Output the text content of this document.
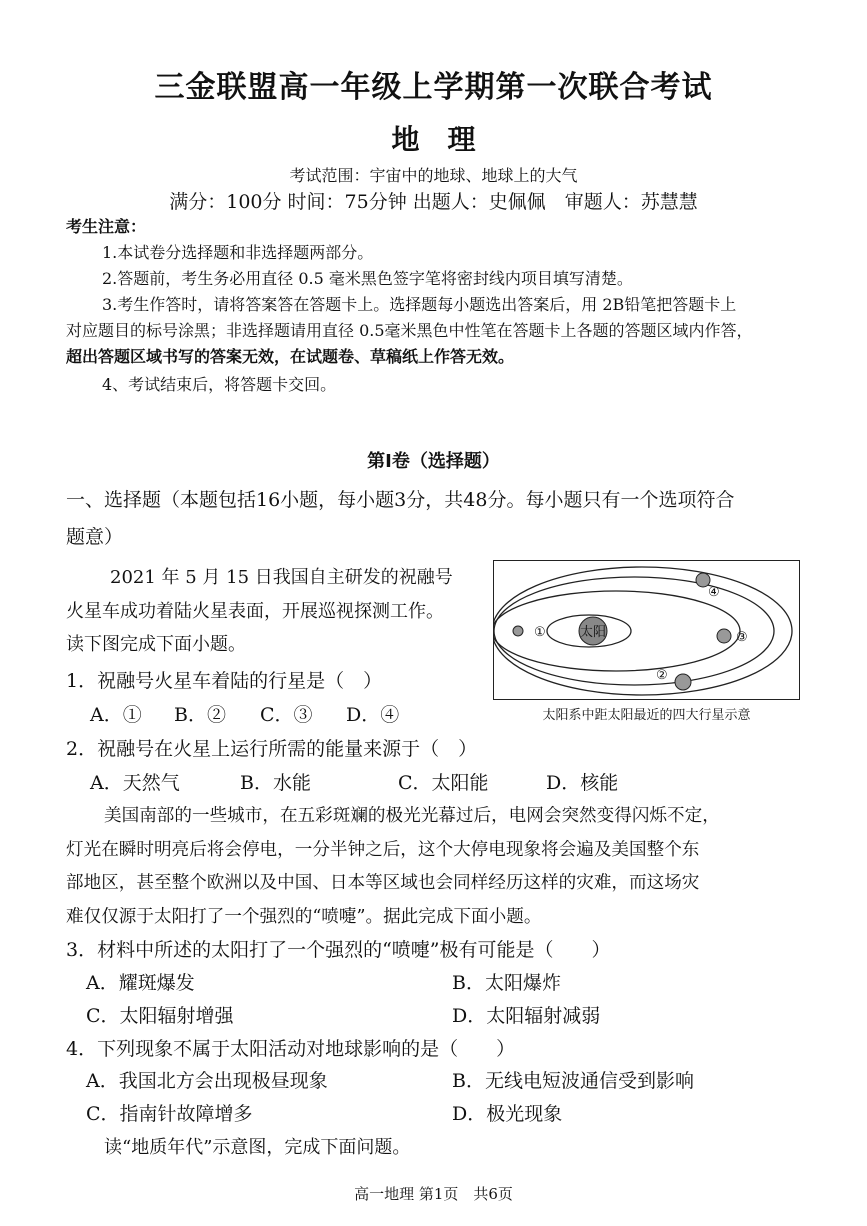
三金联盟高一年级上学期第一次联合考试
地　理
考试范围：宇宙中的地球、地球上的大气
满分：100分 时间：75分钟 出题人：史佩佩　审题人：苏慧慧
考生注意：
1.本试卷分选择题和非选择题两部分。
2.答题前，考生务必用直径 0.5 毫米黑色签字笔将密封线内项目填写清楚。
3.考生作答时，请将答案答在答题卡上。选择题每小题选出答案后，用 2B铅笔把答题卡上
对应题目的标号涂黑；非选择题请用直径 0.5毫米黑色中性笔在答题卡上各题的答题区域内作答，
超出答题区域书写的答案无效，在试题卷、草稿纸上作答无效。
4、考试结束后，将答题卡交回。
第Ⅰ卷（选择题）
一、选择题（本题包括16小题，每小题3分，共48分。每小题只有一个选项符合
题意）
2021 年 5 月 15 日我国自主研发的祝融号
火星车成功着陆火星表面，开展巡视探测工作。
读下图完成下面小题。
太阳
①
②
③
④
太阳系中距太阳最近的四大行星示意
1．祝融号火星车着陆的行星是（　）
A．① B．② C．③ D．④
2．祝融号在火星上运行所需的能量来源于（　）
A．天然气	B．水能	C．太阳能	D．核能
美国南部的一些城市，在五彩斑斓的极光光幕过后，电网会突然变得闪烁不定，
灯光在瞬时明亮后将会停电，一分半钟之后，这个大停电现象将会遍及美国整个东
部地区，甚至整个欧洲以及中国、日本等区域也会同样经历这样的灾难，而这场灾
难仅仅源于太阳打了一个强烈的“喷嚏”。据此完成下面小题。
3．材料中所述的太阳打了一个强烈的“喷嚏”极有可能是（　　）
A．耀斑爆发	B．太阳爆炸
C．太阳辐射增强	D．太阳辐射减弱
4．下列现象不属于太阳活动对地球影响的是（　　）
A．我国北方会出现极昼现象	B．无线电短波通信受到影响
C．指南针故障增多	D．极光现象
读“地质年代”示意图，完成下面问题。
高一地理 第1页　共6页
